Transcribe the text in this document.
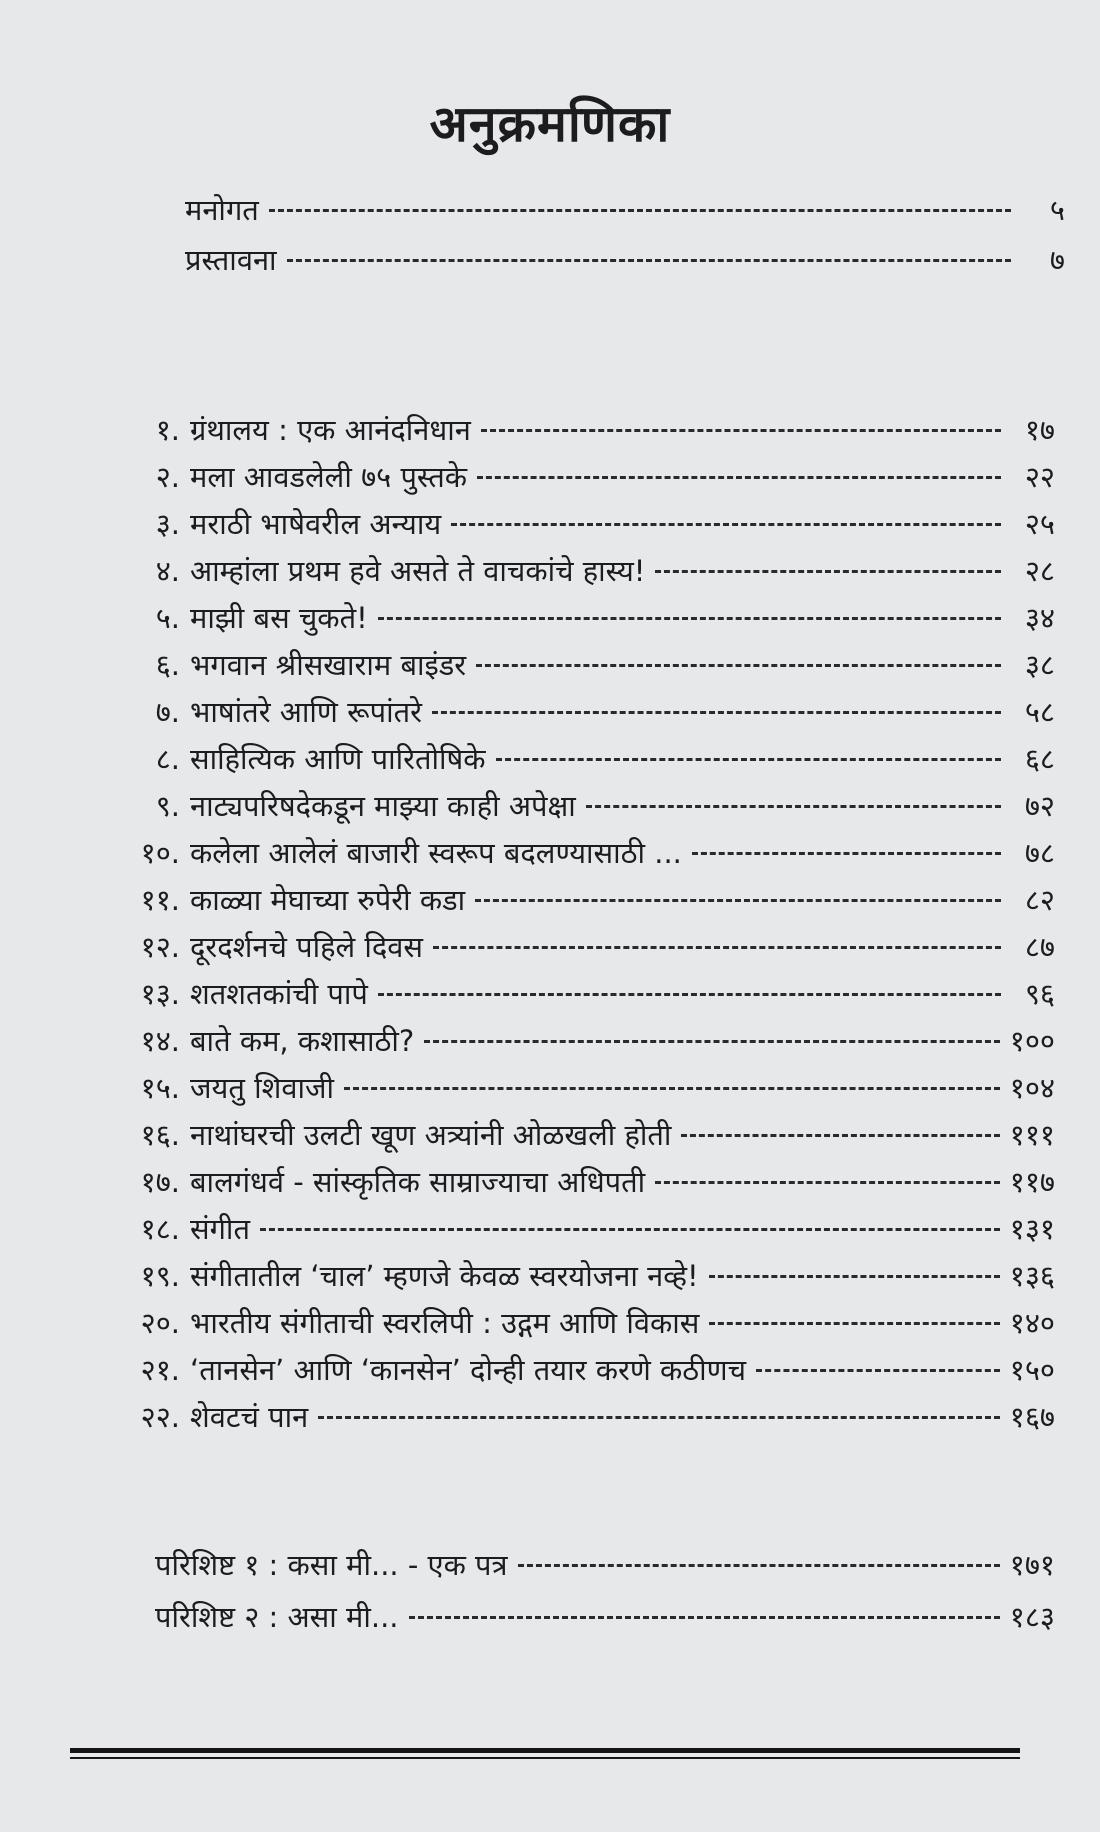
अनुक्रमणिका
मनोगत	५
प्रस्तावना	७
१. ग्रंथालय : एक आनंदनिधान	१७
२. मला आवडलेली ७५ पुस्तके	२२
३. मराठी भाषेवरील अन्याय	२५
४. आम्हांला प्रथम हवे असते ते वाचकांचे हास्य!	२८
५. माझी बस चुकते!	३४
६. भगवान श्रीसखाराम बाइंडर	३८
७. भाषांतरे आणि रूपांतरे	५८
८. साहित्यिक आणि पारितोषिके	६८
९. नाट्यपरिषदेकडून माझ्या काही अपेक्षा	७२
१०. कलेला आलेलं बाजारी स्वरूप बदलण्यासाठी ...	७८
११. काळ्या मेघाच्या रुपेरी कडा	८२
१२. दूरदर्शनचे पहिले दिवस	८७
१३. शतशतकांची पापे	९६
१४. बाते कम, कशासाठी?	१००
१५. जयतु शिवाजी	१०४
१६. नाथांघरची उलटी खूण अत्र्यांनी ओळखली होती	१११
१७. बालगंधर्व - सांस्कृतिक साम्राज्याचा अधिपती	११७
१८. संगीत	१३१
१९. संगीतातील ‘चाल’ म्हणजे केवळ स्वरयोजना नव्हे!	१३६
२०. भारतीय संगीताची स्वरलिपी : उद्गम आणि विकास	१४०
२१. ‘तानसेन’ आणि ‘कानसेन’ दोन्ही तयार करणे कठीणच	१५०
२२. शेवटचं पान	१६७
परिशिष्ट १ : कसा मी... - एक पत्र	१७१
परिशिष्ट २ : असा मी...	१८३
